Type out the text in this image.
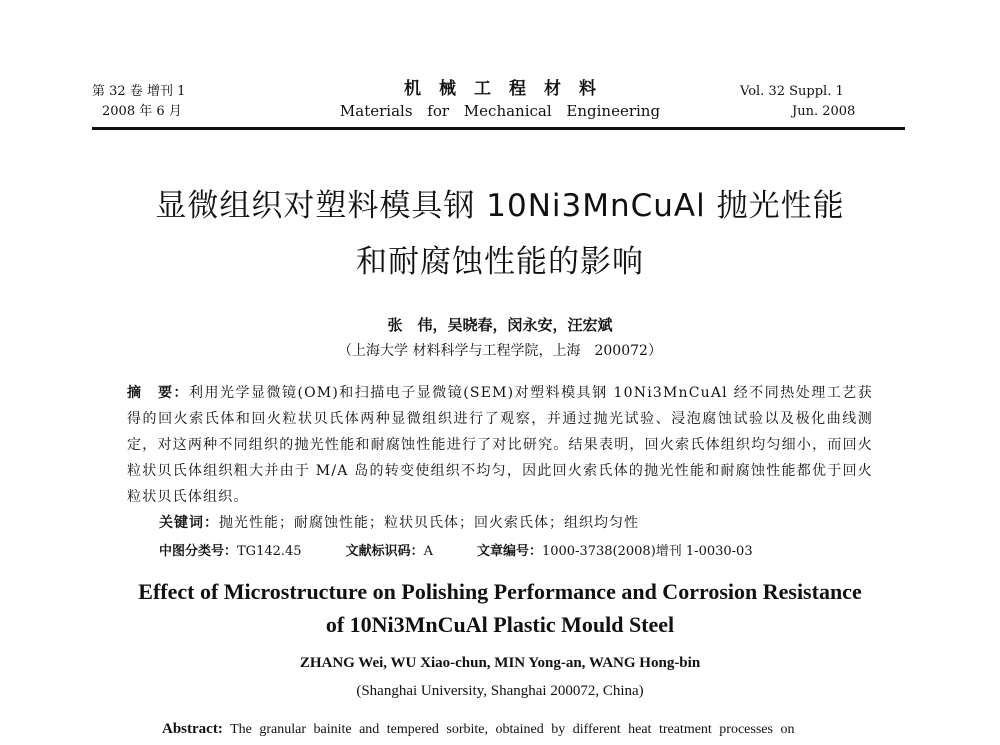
第 32 卷 增刊 1
2008 年 6 月
机械工程材料
Materials for Mechanical Engineering
Vol. 32 Suppl. 1
Jun. 2008
显微组织对塑料模具钢 10Ni3MnCuAl 抛光性能
和耐腐蚀性能的影响
张　伟，吴晓春，闵永安，汪宏斌
（上海大学 材料科学与工程学院，上海　200072）
摘　要：利用光学显微镜(OM)和扫描电子显微镜(SEM)对塑料模具钢 10Ni3MnCuAl 经不同热处理工艺获得的回火索氏体和回火粒状贝氏体两种显微组织进行了观察，并通过抛光试验、浸泡腐蚀试验以及极化曲线测定，对这两种不同组织的抛光性能和耐腐蚀性能进行了对比研究。结果表明，回火索氏体组织均匀细小，而回火粒状贝氏体组织粗大并由于 M/A 岛的转变使组织不均匀，因此回火索氏体的抛光性能和耐腐蚀性能都优于回火粒状贝氏体组织。
关键词：抛光性能；耐腐蚀性能；粒状贝氏体；回火索氏体；组织均匀性
中图分类号：TG142.45	文献标识码：A	文章编号：1000-3738(2008)增刊 1-0030-03
Effect of Microstructure on Polishing Performance and Corrosion Resistance
of 10Ni3MnCuAl Plastic Mould Steel
ZHANG Wei, WU Xiao-chun, MIN Yong-an, WANG Hong-bin
(Shanghai University, Shanghai 200072, China)
Abstract: The granular bainite and tempered sorbite, obtained by different heat treatment processes on
